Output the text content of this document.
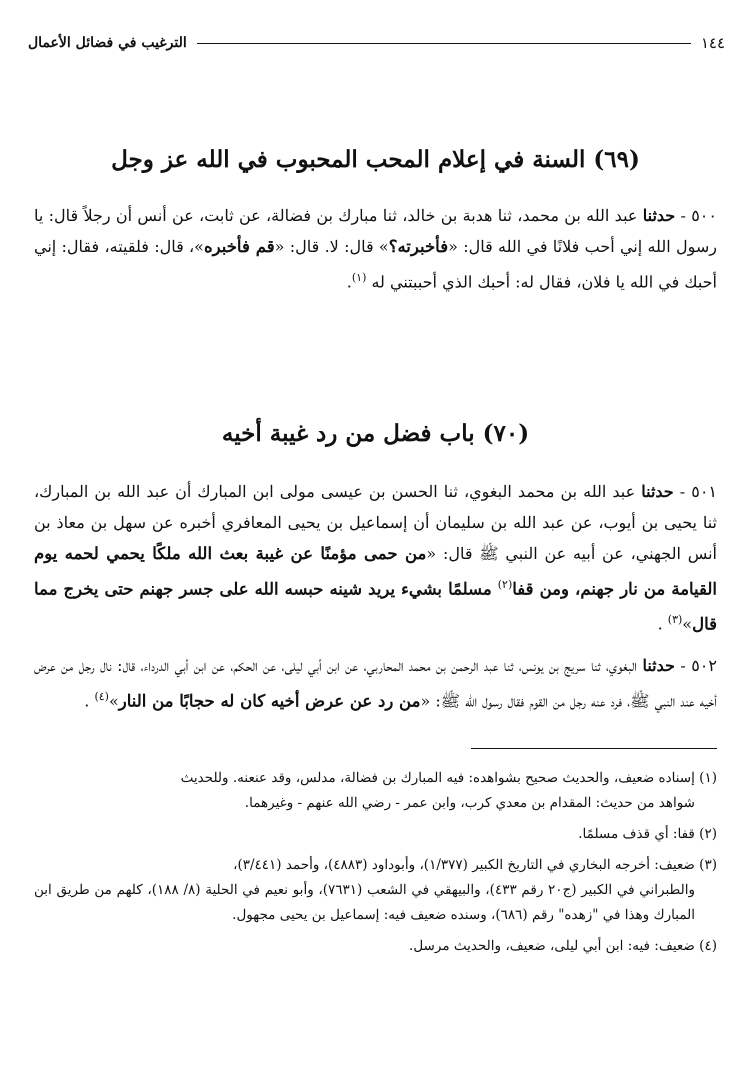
١٤٤
الترغيب في فضائل الأعمال
(٦٩) السنة في إعلام المحب المحبوب في الله عز وجل
٥٠٠ - حدثنا عبد الله بن محمد، ثنا هدبة بن خالد، ثنا مبارك بن فضالة، عن ثابت، عن أنس أن رجلاً قال: يا رسول الله إني أحب فلانًا في الله قال: «فأخبرته؟» قال: لا. قال: «قم فأخبره»، قال: فلقيته، فقال: إني أحبك في الله يا فلان، فقال له: أحبك الذي أحببتني له $^{(١)}$.
(٧٠) باب فضل من رد غيبة أخيه
٥٠١ - حدثنا عبد الله بن محمد البغوي، ثنا الحسن بن عيسى مولى ابن المبارك أن عبد الله بن المبارك، ثنا يحيى بن أيوب، عن عبد الله بن سليمان أن إسماعيل بن يحيى المعافري أخبره عن سهل بن معاذ بن أنس الجهني، عن أبيه عن النبي ﷺ قال: «من حمى مؤمنًا عن غيبة بعث الله ملكًا يحمي لحمه يوم القيامة من نار جهنم، ومن قفا$^{(٢)}$ مسلمًا بشيء يريد شينه حبسه الله على جسر جهنم حتى يخرج مما قال»$^{(٣)}$ .
٥٠٢ - حدثنا البغوي، ثنا سريج بن يونس، ثنا عبد الرحمن بن محمد المحاربي، عن ابن أبي ليلى، عن الحكم، عن ابن أبي الدرداء، قال: نال رجل من عرض أخيه عند النبي ﷺ، فرد عنه رجل من القوم فقال رسول الله ﷺ: «من رد عن عرض أخيه كان له حجابًا من النار»$^{(٤)}$ .
(١) إسناده ضعيف، والحديث صحيح بشواهده: فيه المبارك بن فضالة، مدلس، وقد عنعنه. وللحديث
شواهد من حديث: المقدام بن معدي كرب، وابن عمر - رضي الله عنهم - وغيرهما.
(٢) قفا: أي قذف مسلمًا.
(٣) ضعيف: أخرجه البخاري في التاريخ الكبير (١/٣٧٧)، وأبوداود (٤٨٨٣)، وأحمد (٣/٤٤١)،
والطبراني في الكبير (ج٢٠ رقم ٤٣٣)، والبيهقي في الشعب (٧٦٣١)، وأبو نعيم في الحلية (٨/ ١٨٨)، كلهم من طريق ابن المبارك وهذا في "زهده" رقم (٦٨٦)، وسنده ضعيف فيه: إسماعيل بن يحيى مجهول.
(٤) ضعيف: فيه: ابن أبي ليلى، ضعيف، والحديث مرسل.
